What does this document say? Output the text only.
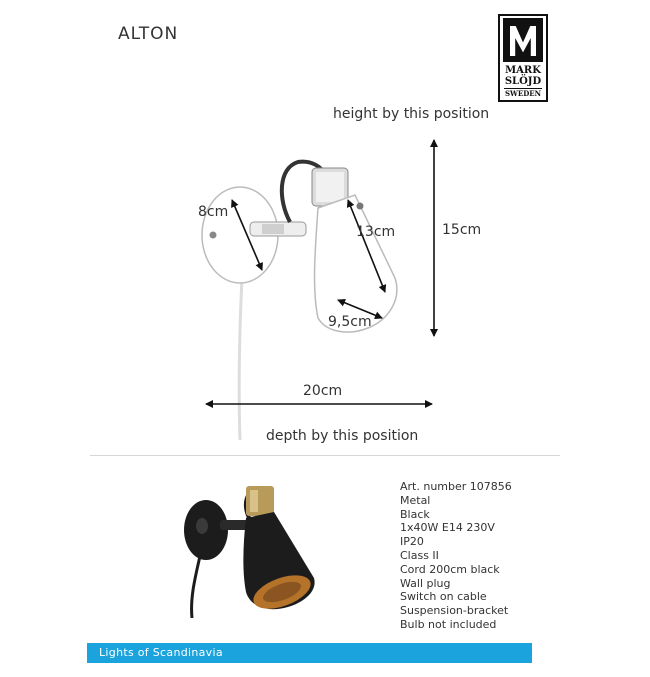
ALTON
MARK
SLÖJD
SWEDEN
height by this position
8cm
13cm	15cm
9,5cm
20cm
depth by this position
Art. number 107856
Metal
Black
1x40W E14 230V
IP20
Class II
Cord 200cm black
Wall plug
Switch on cable
Suspension-bracket
Bulb not included
Lights of Scandinavia
